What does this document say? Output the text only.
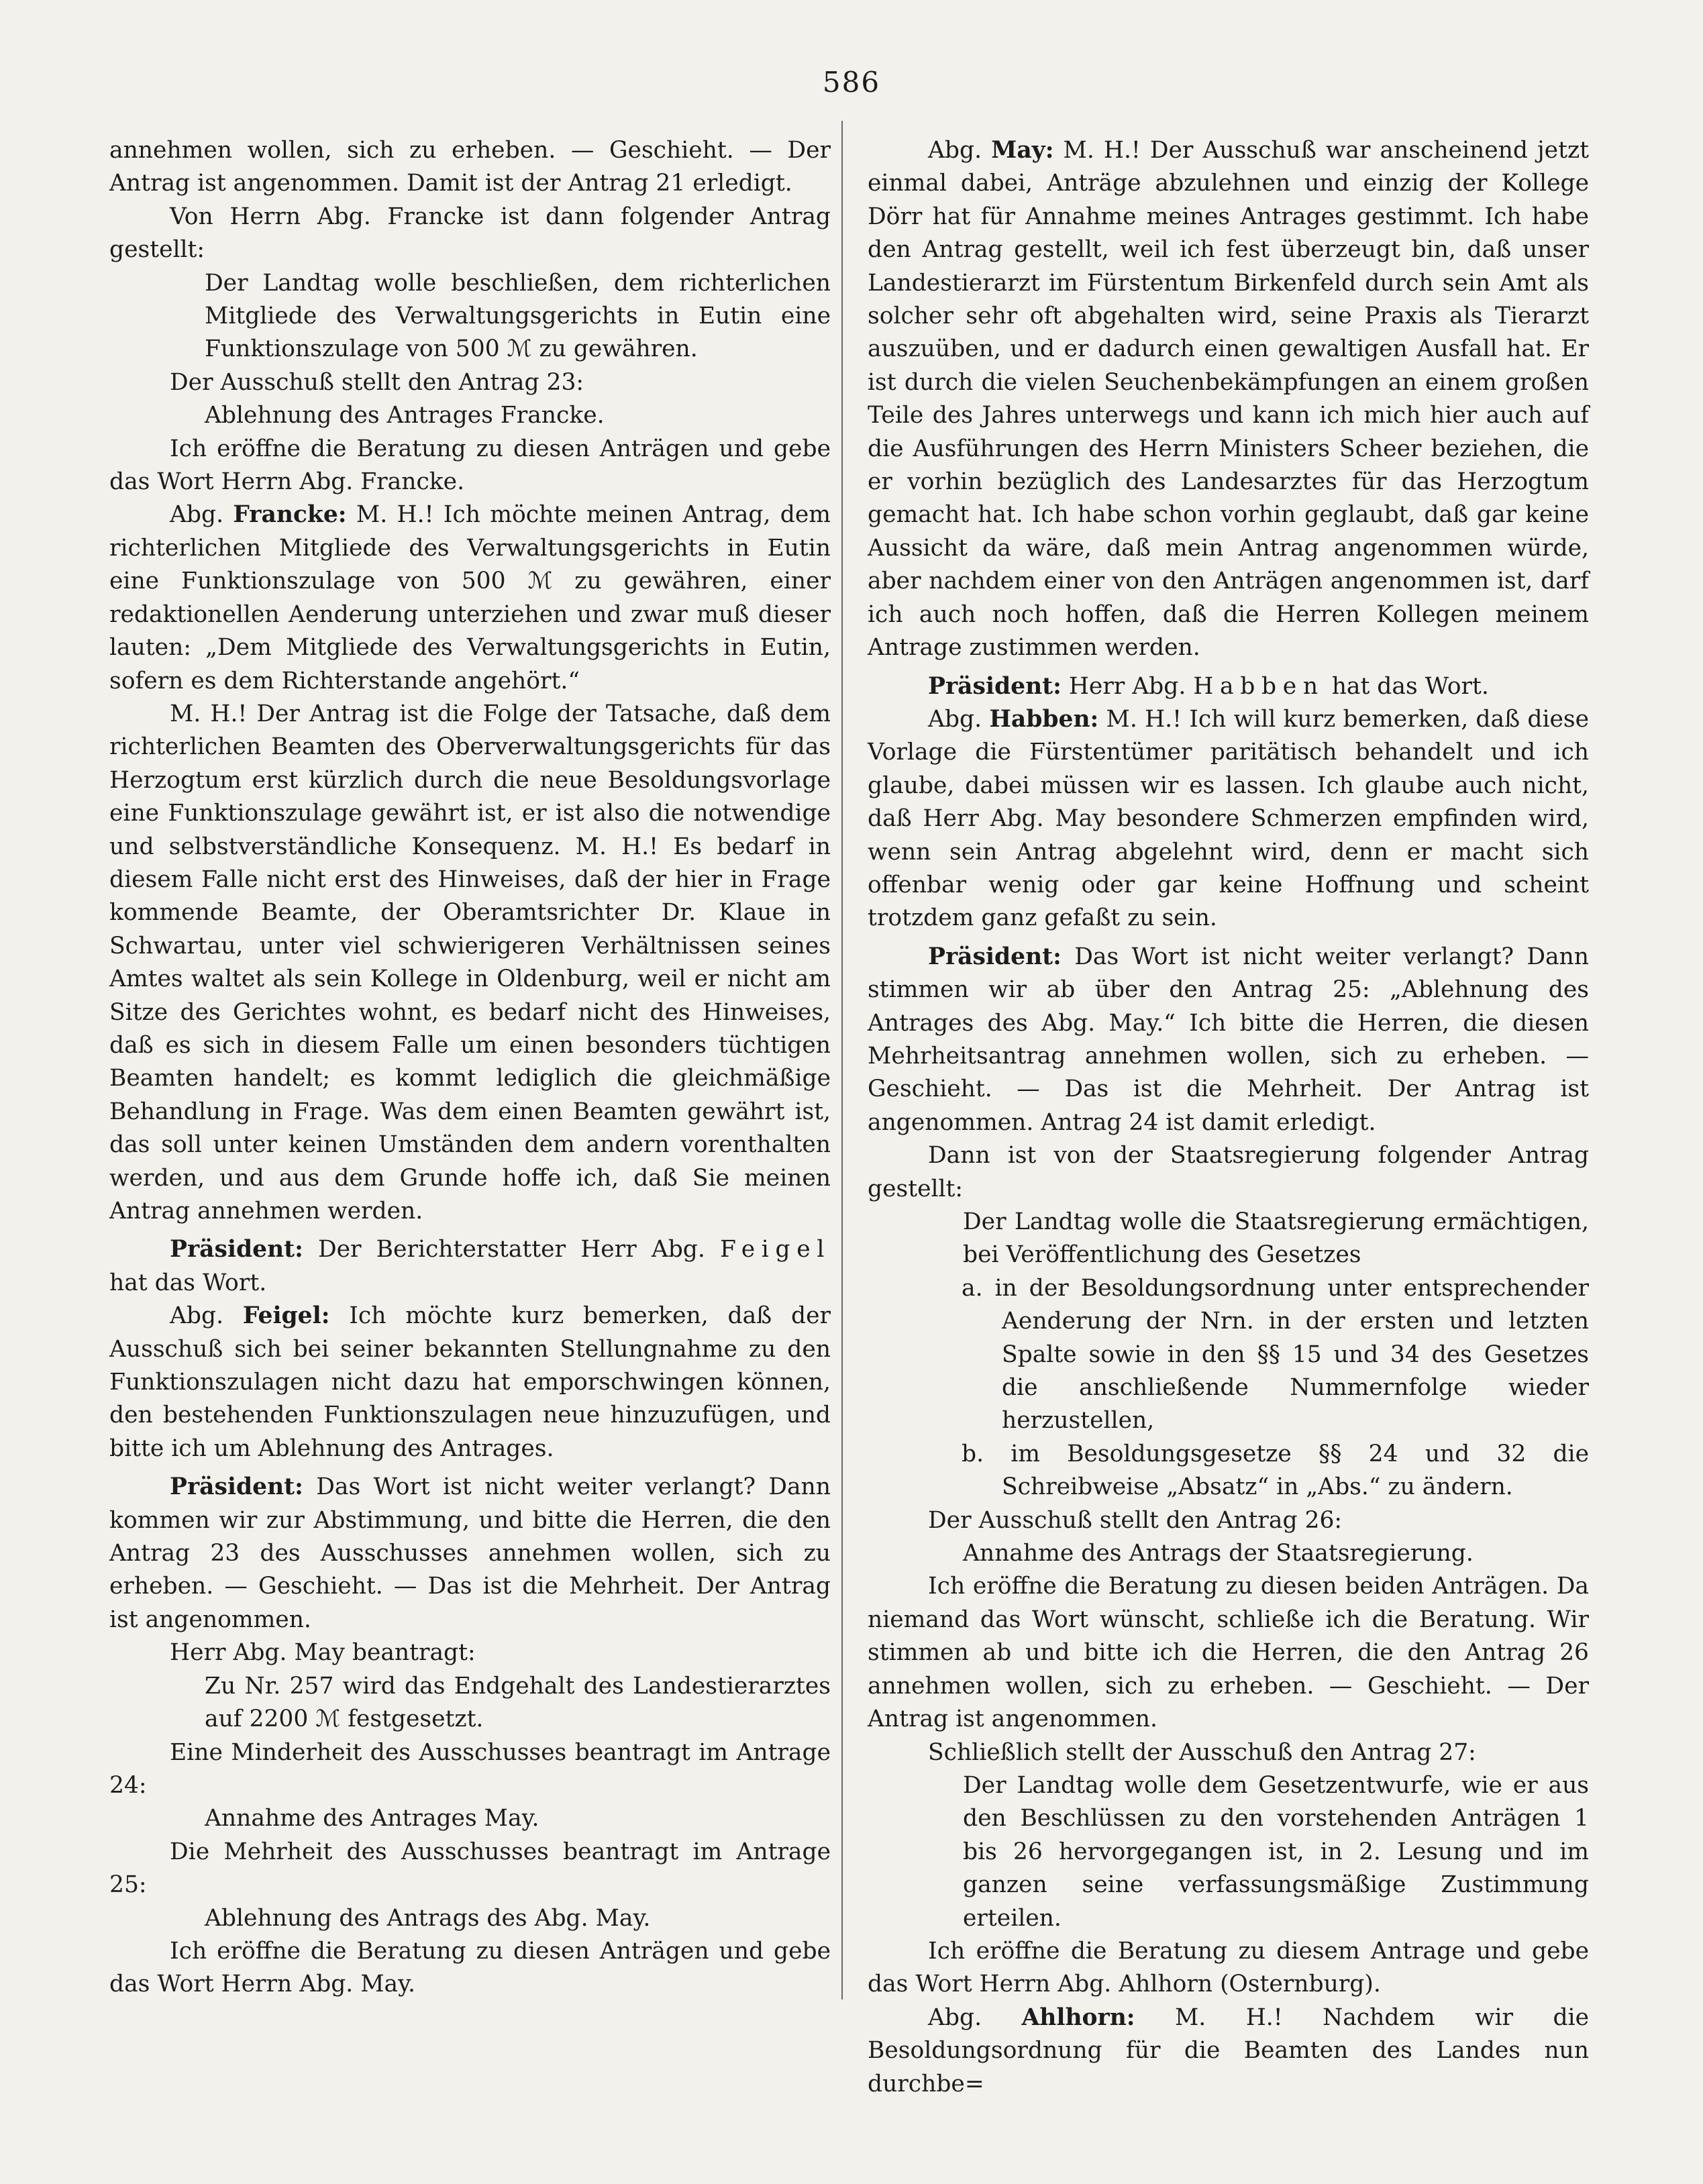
586

annehmen wollen, sich zu erheben. — Geschieht. — Der Antrag ist angenommen. Damit ist der Antrag 21 erledigt.

Von Herrn Abg. Francke ist dann folgender Antrag gestellt:

Der Landtag wolle beschließen, dem richterlichen Mitgliede des Verwaltungsgerichts in Eutin eine Funktionszulage von 500 ℳ zu gewähren.

Der Ausschuß stellt den Antrag 23:

Ablehnung des Antrages Francke.

Ich eröffne die Beratung zu diesen Anträgen und gebe das Wort Herrn Abg. Francke.

Abg. Francke: M. H.! Ich möchte meinen Antrag, dem richterlichen Mitgliede des Verwaltungsgerichts in Eutin eine Funktionszulage von 500 ℳ zu gewähren, einer redaktionellen Aenderung unterziehen und zwar muß dieser lauten: „Dem Mitgliede des Verwaltungsgerichts in Eutin, sofern es dem Richterstande angehört.“

M. H.! Der Antrag ist die Folge der Tatsache, daß dem richterlichen Beamten des Oberverwaltungsgerichts für das Herzogtum erst kürzlich durch die neue Besoldungsvorlage eine Funktionszulage gewährt ist, er ist also die notwendige und selbstverständliche Konsequenz. M. H.! Es bedarf in diesem Falle nicht erst des Hinweises, daß der hier in Frage kommende Beamte, der Oberamtsrichter Dr. Klaue in Schwartau, unter viel schwierigeren Verhältnissen seines Amtes waltet als sein Kollege in Oldenburg, weil er nicht am Sitze des Gerichtes wohnt, es bedarf nicht des Hinweises, daß es sich in diesem Falle um einen besonders tüchtigen Beamten handelt; es kommt lediglich die gleichmäßige Behandlung in Frage. Was dem einen Beamten gewährt ist, das soll unter keinen Umständen dem andern vorenthalten werden, und aus dem Grunde hoffe ich, daß Sie meinen Antrag annehmen werden.

Präsident: Der Berichterstatter Herr Abg. Feigel hat das Wort.

Abg. Feigel: Ich möchte kurz bemerken, daß der Ausschuß sich bei seiner bekannten Stellungnahme zu den Funktionszulagen nicht dazu hat emporschwingen können, den bestehenden Funktionszulagen neue hinzuzufügen, und bitte ich um Ablehnung des Antrages.

Präsident: Das Wort ist nicht weiter verlangt? Dann kommen wir zur Abstimmung, und bitte die Herren, die den Antrag 23 des Ausschusses annehmen wollen, sich zu erheben. — Geschieht. — Das ist die Mehrheit. Der Antrag ist angenommen.

Herr Abg. May beantragt:

Zu Nr. 257 wird das Endgehalt des Landestierarztes auf 2200 ℳ festgesetzt.

Eine Minderheit des Ausschusses beantragt im Antrage 24:

Annahme des Antrages May.

Die Mehrheit des Ausschusses beantragt im Antrage 25:

Ablehnung des Antrags des Abg. May.

Ich eröffne die Beratung zu diesen Anträgen und gebe das Wort Herrn Abg. May.

Abg. May: M. H.! Der Ausschuß war anscheinend jetzt einmal dabei, Anträge abzulehnen und einzig der Kollege Dörr hat für Annahme meines Antrages gestimmt. Ich habe den Antrag gestellt, weil ich fest überzeugt bin, daß unser Landestierarzt im Fürstentum Birkenfeld durch sein Amt als solcher sehr oft abgehalten wird, seine Praxis als Tierarzt auszuüben, und er dadurch einen gewaltigen Ausfall hat. Er ist durch die vielen Seuchenbekämpfungen an einem großen Teile des Jahres unterwegs und kann ich mich hier auch auf die Ausführungen des Herrn Ministers Scheer beziehen, die er vorhin bezüglich des Landesarztes für das Herzogtum gemacht hat. Ich habe schon vorhin geglaubt, daß gar keine Aussicht da wäre, daß mein Antrag angenommen würde, aber nachdem einer von den Anträgen angenommen ist, darf ich auch noch hoffen, daß die Herren Kollegen meinem Antrage zustimmen werden.

Präsident: Herr Abg. Habben hat das Wort.

Abg. Habben: M. H.! Ich will kurz bemerken, daß diese Vorlage die Fürstentümer paritätisch behandelt und ich glaube, dabei müssen wir es lassen. Ich glaube auch nicht, daß Herr Abg. May besondere Schmerzen empfinden wird, wenn sein Antrag abgelehnt wird, denn er macht sich offenbar wenig oder gar keine Hoffnung und scheint trotzdem ganz gefaßt zu sein.

Präsident: Das Wort ist nicht weiter verlangt? Dann stimmen wir ab über den Antrag 25: „Ablehnung des Antrages des Abg. May.“ Ich bitte die Herren, die diesen Mehrheitsantrag annehmen wollen, sich zu erheben. — Geschieht. — Das ist die Mehrheit. Der Antrag ist angenommen. Antrag 24 ist damit erledigt.

Dann ist von der Staatsregierung folgender Antrag gestellt:

Der Landtag wolle die Staatsregierung ermächtigen, bei Veröffentlichung des Gesetzes

a. in der Besoldungsordnung unter entsprechender Aenderung der Nrn. in der ersten und letzten Spalte sowie in den §§ 15 und 34 des Gesetzes die anschließende Nummernfolge wieder herzustellen,

b. im Besoldungsgesetze §§ 24 und 32 die Schreibweise „Absatz“ in „Abs.“ zu ändern.

Der Ausschuß stellt den Antrag 26:

Annahme des Antrags der Staatsregierung.

Ich eröffne die Beratung zu diesen beiden Anträgen. Da niemand das Wort wünscht, schließe ich die Beratung. Wir stimmen ab und bitte ich die Herren, die den Antrag 26 annehmen wollen, sich zu erheben. — Geschieht. — Der Antrag ist angenommen.

Schließlich stellt der Ausschuß den Antrag 27:

Der Landtag wolle dem Gesetzentwurfe, wie er aus den Beschlüssen zu den vorstehenden Anträgen 1 bis 26 hervorgegangen ist, in 2. Lesung und im ganzen seine verfassungsmäßige Zustimmung erteilen.

Ich eröffne die Beratung zu diesem Antrage und gebe das Wort Herrn Abg. Ahlhorn (Osternburg).

Abg. Ahlhorn: M. H.! Nachdem wir die Besoldungsordnung für die Beamten des Landes nun durchbe=
